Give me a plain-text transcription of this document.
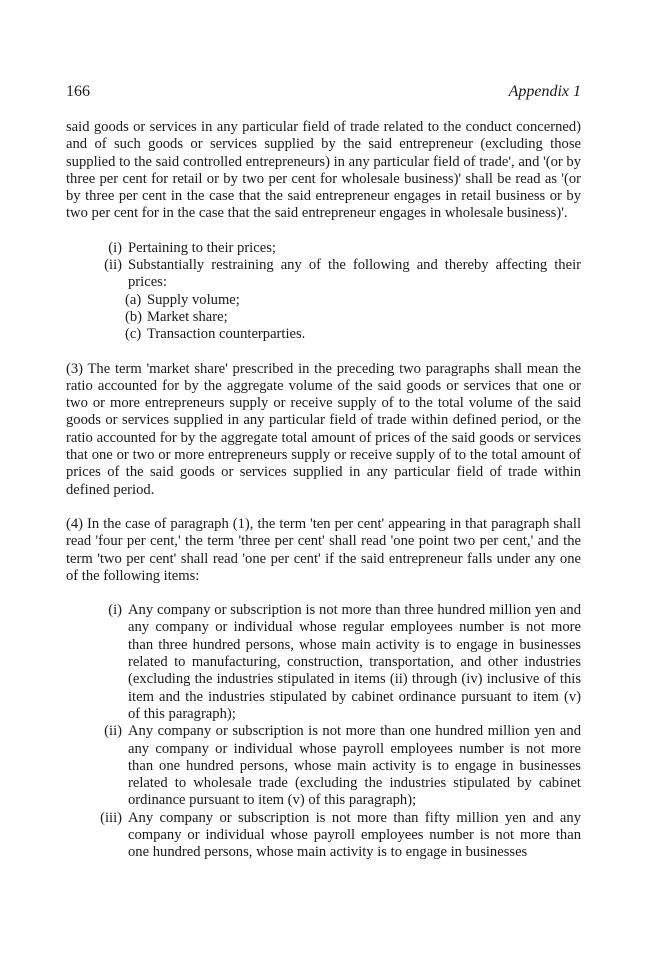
166	Appendix 1

said goods or services in any particular field of trade related to the conduct concerned) and of such goods or services supplied by the said entrepreneur (excluding those supplied to the said controlled entrepreneurs) in any particular field of trade', and '(or by three per cent for retail or by two per cent for wholesale business)' shall be read as '(or by three per cent in the case that the said entrepreneur engages in retail business or by two per cent for in the case that the said entrepreneur engages in wholesale business)'.

(i) Pertaining to their prices;
(ii) Substantially restraining any of the following and thereby affecting their prices:
(a) Supply volume;
(b) Market share;
(c) Transaction counterparties.

(3) The term 'market share' prescribed in the preceding two paragraphs shall mean the ratio accounted for by the aggregate volume of the said goods or services that one or two or more entrepreneurs supply or receive supply of to the total volume of the said goods or services supplied in any particular field of trade within defined period, or the ratio accounted for by the aggregate total amount of prices of the said goods or services that one or two or more entrepreneurs supply or receive supply of to the total amount of prices of the said goods or services supplied in any particular field of trade within defined period.

(4) In the case of paragraph (1), the term 'ten per cent' appearing in that paragraph shall read 'four per cent,' the term 'three per cent' shall read 'one point two per cent,' and the term 'two per cent' shall read 'one per cent' if the said entrepreneur falls under any one of the following items:

(i) Any company or subscription is not more than three hundred million yen and any company or individual whose regular employees number is not more than three hundred persons, whose main activity is to engage in businesses related to manufacturing, construction, transportation, and other industries (excluding the industries stipulated in items (ii) through (iv) inclusive of this item and the industries stipulated by cabinet ordinance pursuant to item (v) of this paragraph);
(ii) Any company or subscription is not more than one hundred million yen and any company or individual whose payroll employees number is not more than one hundred persons, whose main activity is to engage in businesses related to wholesale trade (excluding the industries stipulated by cabinet ordinance pursuant to item (v) of this paragraph);
(iii) Any company or subscription is not more than fifty million yen and any company or individual whose payroll employees number is not more than one hundred persons, whose main activity is to engage in businesses
